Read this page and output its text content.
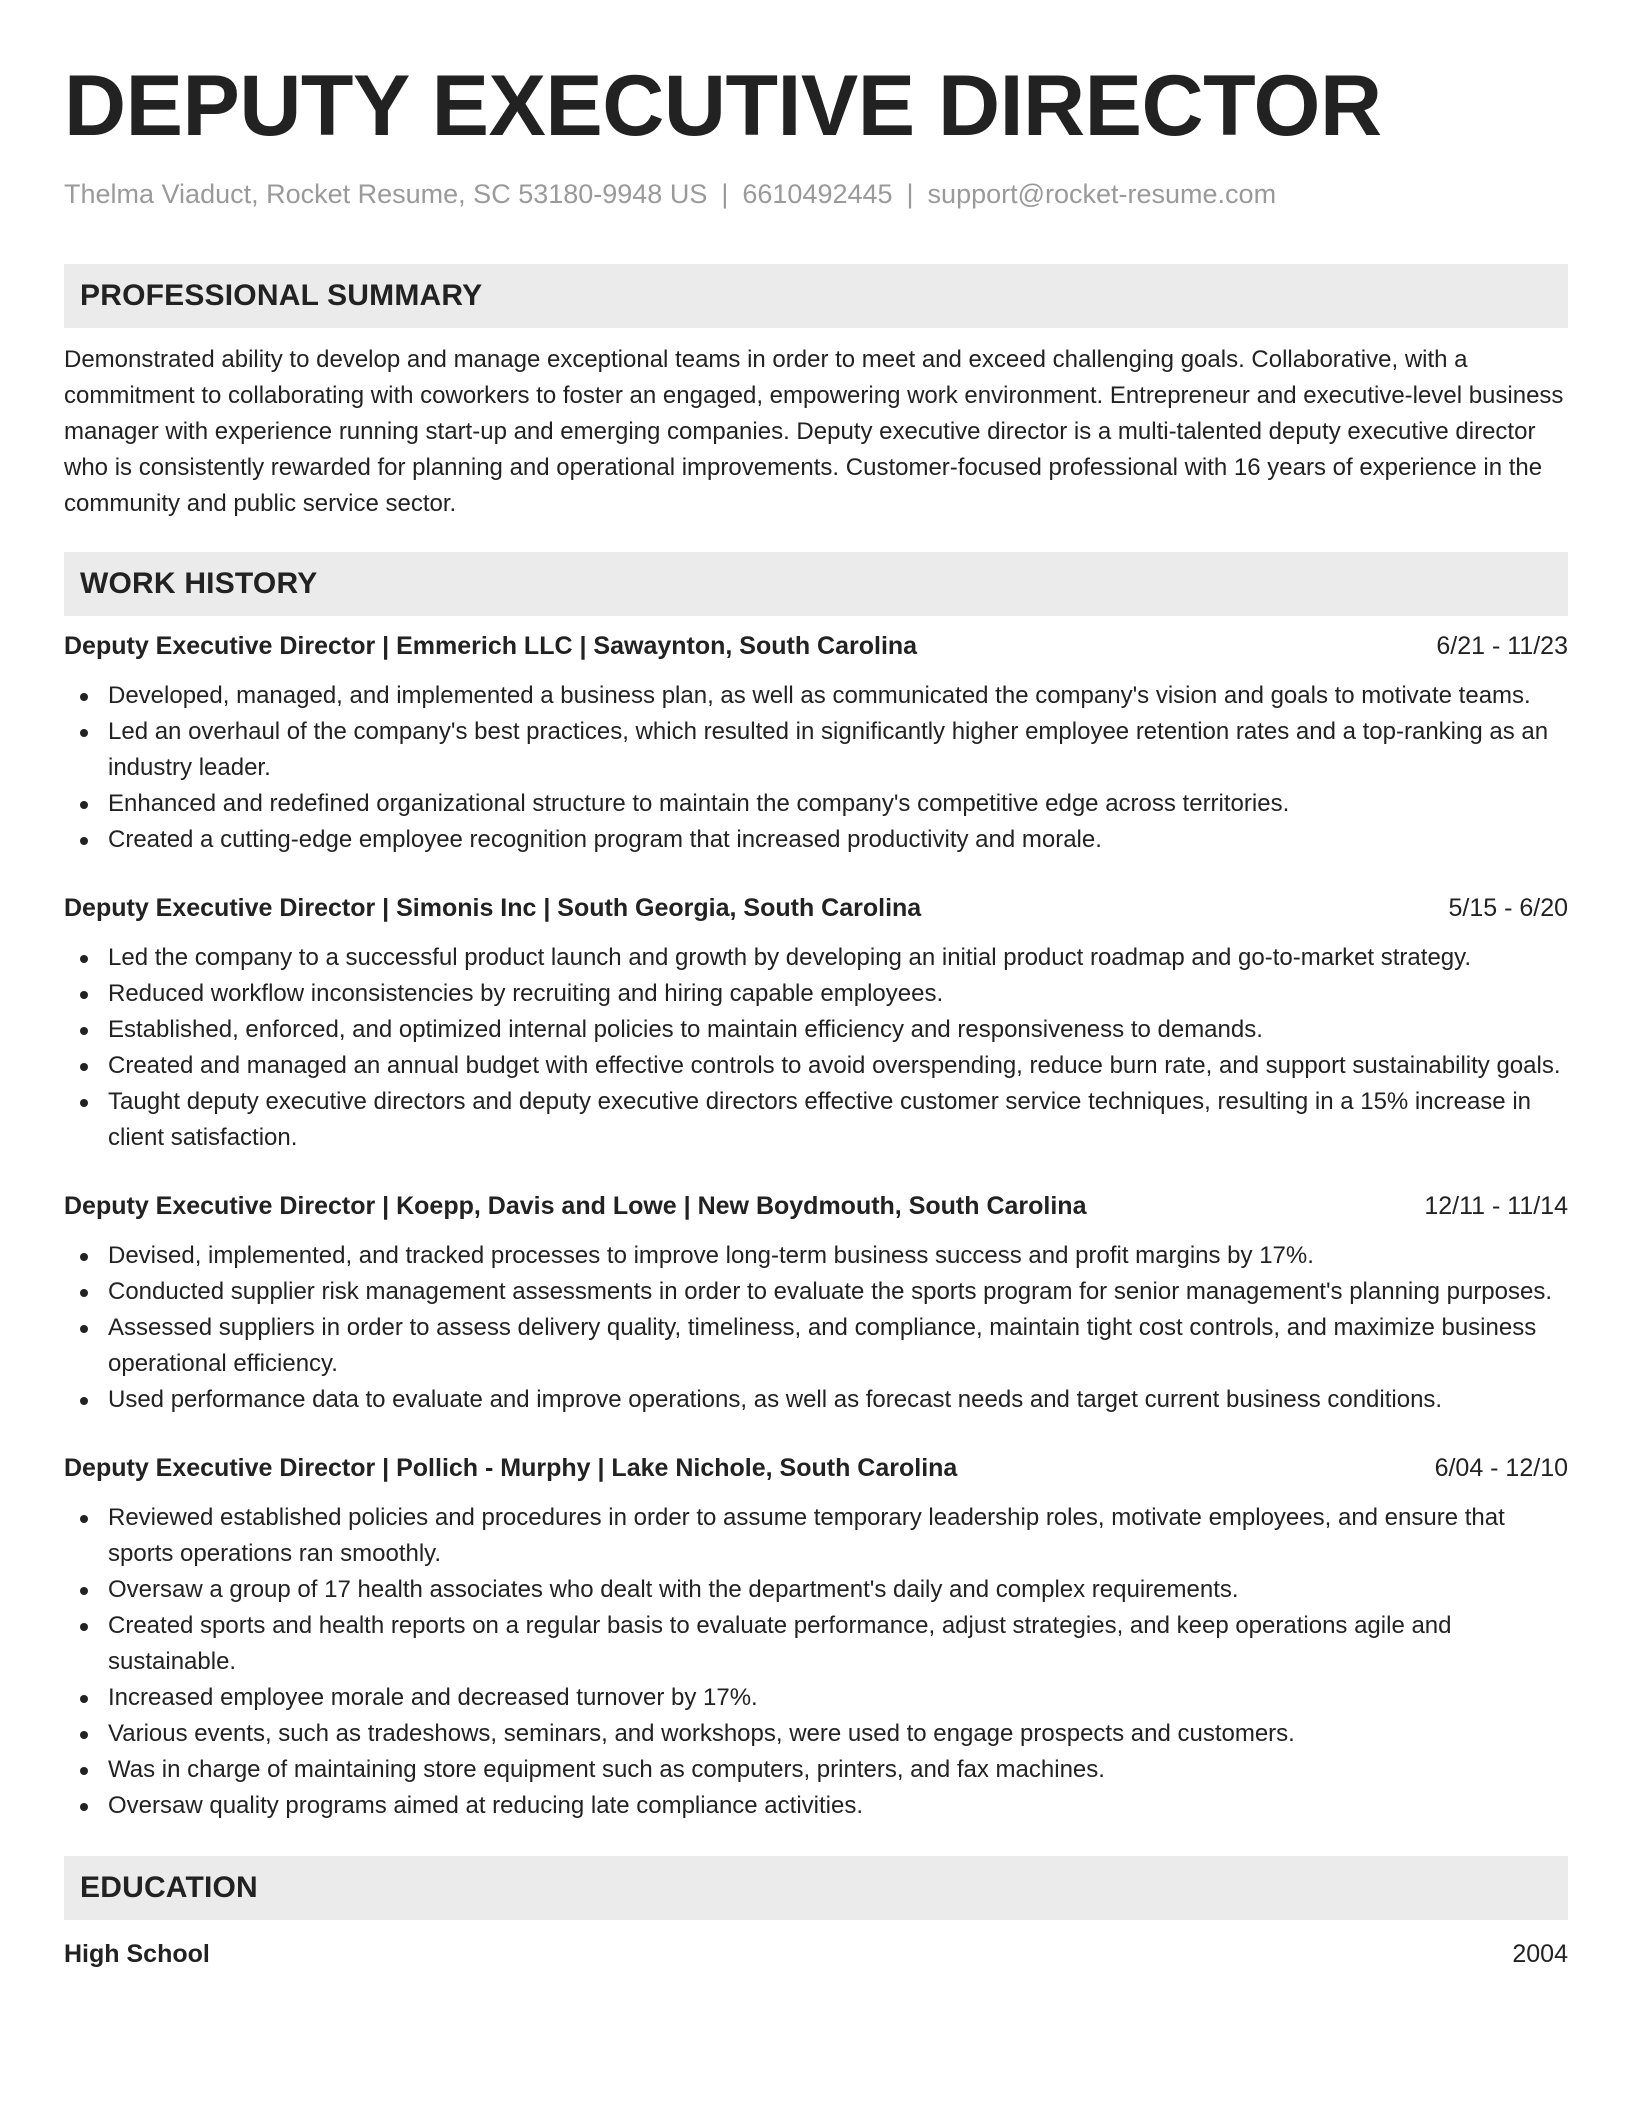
DEPUTY EXECUTIVE DIRECTOR
Thelma Viaduct, Rocket Resume, SC 53180-9948 US | 6610492445 | support@rocket-resume.com
PROFESSIONAL SUMMARY
Demonstrated ability to develop and manage exceptional teams in order to meet and exceed challenging goals. Collaborative, with a commitment to collaborating with coworkers to foster an engaged, empowering work environment. Entrepreneur and executive-level business manager with experience running start-up and emerging companies. Deputy executive director is a multi-talented deputy executive director who is consistently rewarded for planning and operational improvements. Customer-focused professional with 16 years of experience in the community and public service sector.
WORK HISTORY
Deputy Executive Director | Emmerich LLC | Sawaynton, South Carolina	6/21 - 11/23
Developed, managed, and implemented a business plan, as well as communicated the company's vision and goals to motivate teams.
Led an overhaul of the company's best practices, which resulted in significantly higher employee retention rates and a top-ranking as an industry leader.
Enhanced and redefined organizational structure to maintain the company's competitive edge across territories.
Created a cutting-edge employee recognition program that increased productivity and morale.
Deputy Executive Director | Simonis Inc | South Georgia, South Carolina	5/15 - 6/20
Led the company to a successful product launch and growth by developing an initial product roadmap and go-to-market strategy.
Reduced workflow inconsistencies by recruiting and hiring capable employees.
Established, enforced, and optimized internal policies to maintain efficiency and responsiveness to demands.
Created and managed an annual budget with effective controls to avoid overspending, reduce burn rate, and support sustainability goals.
Taught deputy executive directors and deputy executive directors effective customer service techniques, resulting in a 15% increase in client satisfaction.
Deputy Executive Director | Koepp, Davis and Lowe | New Boydmouth, South Carolina	12/11 - 11/14
Devised, implemented, and tracked processes to improve long-term business success and profit margins by 17%.
Conducted supplier risk management assessments in order to evaluate the sports program for senior management's planning purposes.
Assessed suppliers in order to assess delivery quality, timeliness, and compliance, maintain tight cost controls, and maximize business operational efficiency.
Used performance data to evaluate and improve operations, as well as forecast needs and target current business conditions.
Deputy Executive Director | Pollich - Murphy | Lake Nichole, South Carolina	6/04 - 12/10
Reviewed established policies and procedures in order to assume temporary leadership roles, motivate employees, and ensure that sports operations ran smoothly.
Oversaw a group of 17 health associates who dealt with the department's daily and complex requirements.
Created sports and health reports on a regular basis to evaluate performance, adjust strategies, and keep operations agile and sustainable.
Increased employee morale and decreased turnover by 17%.
Various events, such as tradeshows, seminars, and workshops, were used to engage prospects and customers.
Was in charge of maintaining store equipment such as computers, printers, and fax machines.
Oversaw quality programs aimed at reducing late compliance activities.
EDUCATION
High School	2004
